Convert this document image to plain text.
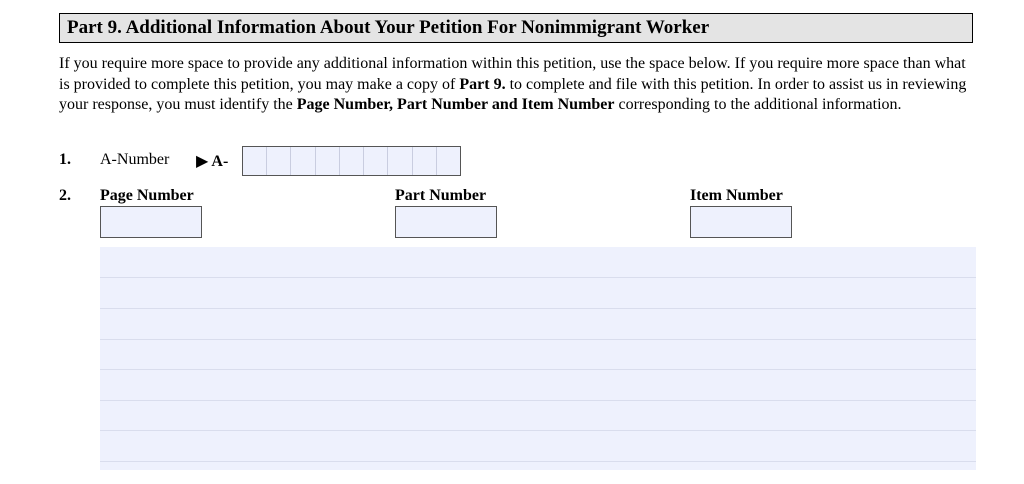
Part 9. Additional Information About Your Petition For Nonimmigrant Worker
If you require more space to provide any additional information within this petition, use the space below. If you require more space than what is provided to complete this petition, you may make a copy of Part 9. to complete and file with this petition. In order to assist us in reviewing your response, you must identify the Page Number, Part Number and Item Number corresponding to the additional information.
1. A-Number ▶ A-
2. Page Number	Part Number	Item Number
